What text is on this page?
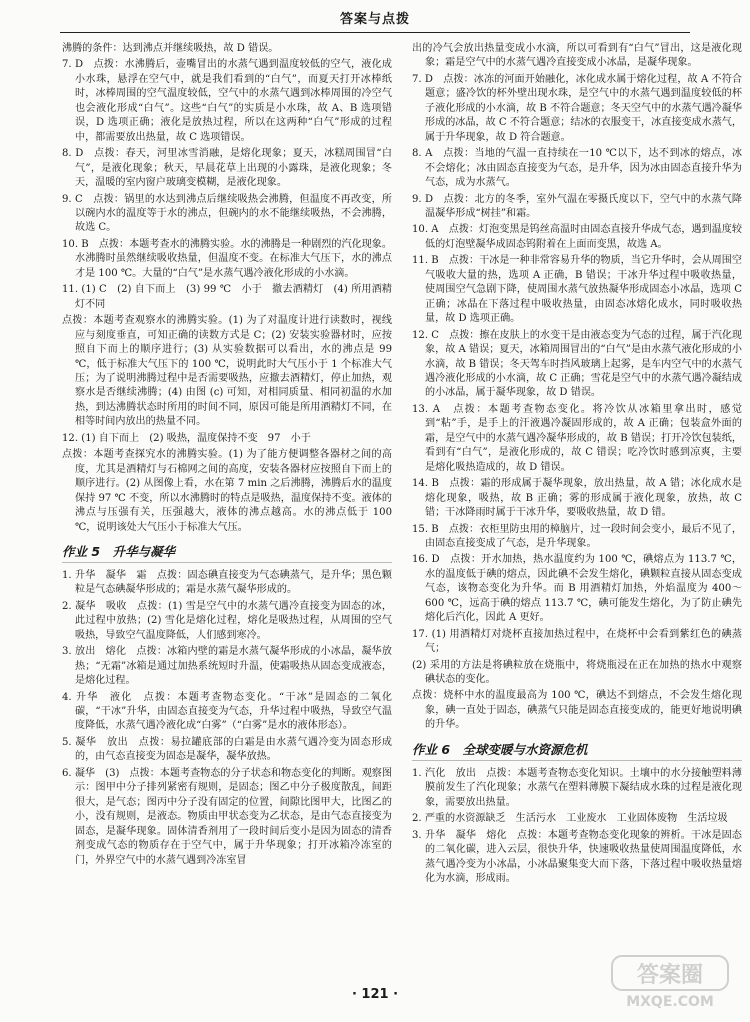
答案与点拨

沸腾的条件：达到沸点并继续吸热，故 D 错误。

7. D　点拨：水沸腾后，壶嘴冒出的水蒸气遇到温度较低的空气，液化成小水珠，悬浮在空气中，就是我们看到的“白气”，而夏天打开冰棒纸时，冰棒周围的空气温度较低，空气中的水蒸气遇到冰棒周围的冷空气也会液化形成“白气”。这些“白气”的实质是小水珠，故 A、B 选项错误，D 选项正确；液化是放热过程，所以在这两种“白气”形成的过程中，都需要放出热量，故 C 选项错误。

8. D　点拨：春天，河里冰雪消融，是熔化现象；夏天，冰糕周围冒“白气”，是液化现象；秋天，早晨花草上出现的小露珠，是液化现象；冬天，温暖的室内窗户玻璃变模糊，是液化现象。

9. C　点拨：锅里的水达到沸点后继续吸热会沸腾，但温度不再改变，所以碗内水的温度等于水的沸点，但碗内的水不能继续吸热，不会沸腾，故选 C。

10. B　点拨：本题考查水的沸腾实验。水的沸腾是一种剧烈的汽化现象。水沸腾时虽然继续吸收热量，但温度不变。在标准大气压下，水的沸点才是 100 ℃。大量的“白气”是水蒸气遇冷液化形成的小水滴。

11. (1) C　(2) 自下而上　(3) 99 ℃　小于　撤去酒精灯　(4) 所用酒精灯不同

点拨：本题考查观察水的沸腾实验。(1) 为了对温度计进行读数时，视线应与刻度垂直，可知正确的读数方式是 C；(2) 安装实验器材时，应按照自下而上的顺序进行；(3) 从实验数据可以看出，水的沸点是 99 ℃，低于标准大气压下的 100 ℃，说明此时大气压小于 1 个标准大气压；为了说明沸腾过程中是否需要吸热，应撤去酒精灯，停止加热，观察水是否继续沸腾；(4) 由图 (c) 可知，对相同质量、相同初温的水加热，到达沸腾状态时所用的时间不同，原因可能是所用酒精灯不同，在相等时间内放出的热量不同。

12. (1) 自下而上　(2) 吸热，温度保持不变　97　小于

点拨：本题考查探究水的沸腾实验。(1) 为了能方便调整各器材之间的高度，尤其是酒精灯与石棉网之间的高度，安装各器材应按照自下而上的顺序进行。(2) 从图像上看，水在第 7 min 之后沸腾，沸腾后水的温度保持 97 ℃ 不变，所以水沸腾时的特点是吸热，温度保持不变。液体的沸点与压强有关，压强越大，液体的沸点越高。水的沸点低于 100 ℃，说明该处大气压小于标准大气压。

作业 5　升华与凝华

1. 升华　凝华　霜　点拨：固态碘直接变为气态碘蒸气，是升华；黑色颗粒是气态碘凝华形成的；霜是水蒸气凝华形成的。

2. 凝华　吸收　点拨：(1) 雪是空气中的水蒸气遇冷直接变为固态的冰，此过程中放热；(2) 雪化是熔化过程，熔化是吸热过程，从周围的空气吸热，导致空气温度降低，人们感到寒冷。

3. 放出　熔化　点拨：冰箱内壁的霜是水蒸气凝华形成的小冰晶，凝华放热；“无霜”冰箱是通过加热系统短时升温，使霜吸热从固态变成液态，是熔化过程。

4. 升华　液化　点拨：本题考查物态变化。“干冰”是固态的二氧化碳，“干冰”升华，由固态直接变为气态，升华过程中吸热，导致空气温度降低，水蒸气遇冷液化成“白雾”（“白雾”是水的液体形态）。

5. 凝华　放出　点拨：易拉罐底部的白霜是由水蒸气遇冷变为固态形成的，由气态直接变为固态是凝华，凝华放热。

6. 凝华　(3)　点拨：本题考查物态的分子状态和物态变化的判断。观察图示：图甲中分子排列紧密有规则，是固态；图乙中分子极度散乱，间距很大，是气态；图丙中分子没有固定的位置，间隙比图甲大，比图乙的小，没有规则，是液态。物质由甲状态变为乙状态，是由气态直接变为固态，是凝华现象。固体清香剂用了一段时间后变小是因为固态的清香剂变成气态的物质存在于空气中，属于升华现象；打开冰箱冷冻室的门，外界空气中的水蒸气遇到冷冻室冒

出的冷气会放出热量变成小水滴，所以可看到有“白气”冒出，这是液化现象；霜是空气中的水蒸气遇冷直接变成小冰晶，是凝华现象。

7. D　点拨：冰冻的河面开始融化，冰化成水属于熔化过程，故 A 不符合题意；盛冷饮的杯外壁出现水珠，是空气中的水蒸气遇到温度较低的杯子液化形成的小水滴，故 B 不符合题意；冬天空气中的水蒸气遇冷凝华形成的冰晶，故 C 不符合题意；结冰的衣服变干，冰直接变成水蒸气，属于升华现象，故 D 符合题意。

8. A　点拨：当地的气温一直持续在一10 ℃以下，达不到冰的熔点，冰不会熔化；冰由固态直接变为气态，是升华，因为冰由固态直接升华为气态，成为水蒸气。

9. D　点拨：北方的冬季，室外气温在零摄氏度以下，空气中的水蒸气降温凝华形成“树挂”和霜。

10. A　点拨：灯泡变黑是钨丝高温时由固态直接升华成气态，遇到温度较低的灯泡壁凝华成固态钨附着在上面而变黑，故选 A。

11. B　点拨：干冰是一种非常容易升华的物质，当它升华时，会从周围空气吸收大量的热，选项 A 正确，B 错误；干冰升华过程中吸收热量，使周围空气急剧下降，使周围水蒸气放热凝华形成固态小冰晶，选项 C 正确；冰晶在下落过程中吸收热量，由固态冰熔化成水，同时吸收热量，故 D 选项正确。

12. C　点拨：擦在皮肤上的水变干是由液态变为气态的过程，属于汽化现象，故 A 错误；夏天，冰箱周围冒出的“白气”是由水蒸气液化形成的小水滴，故 B 错误；冬天驾车时挡风玻璃上起雾，是车内空气中的水蒸气遇冷液化形成的小水滴，故 C 正确；雪花是空气中的水蒸气遇冷凝结成的小冰晶，属于凝华现象，故 D 错误。

13. A　点拨：本题考查物态变化。将冷饮从冰箱里拿出时，感觉到“粘”手，是手上的汗液遇冷凝固形成的，故 A 正确；包装盒外面的霜，是空气中的水蒸气遇冷凝华形成的，故 B 错误；打开冷饮包装纸，看到有“白气”，是液化形成的，故 C 错误；吃冷饮时感到凉爽，主要是熔化吸热造成的，故 D 错误。

14. B　点拨：霜的形成属于凝华现象，放出热量，故 A 错；冰化成水是熔化现象，吸热，故 B 正确；雾的形成属于液化现象，放热，故 C 错；干冰降雨时属于干冰升华，要吸收热量，故 D 错。

15. B　点拨：衣柜里防虫用的樟脑片，过一段时间会变小，最后不见了，由固态直接变成了气态，是升华现象。

16. D　点拨：开水加热，热水温度约为 100 ℃，碘熔点为 113.7 ℃，水的温度低于碘的熔点，因此碘不会发生熔化，碘颗粒直接从固态变成气态，该物态变化为升华。而 B 用酒精灯加热，外焰温度为 400～600 ℃，远高于碘的熔点 113.7 ℃，碘可能发生熔化，为了防止碘先熔化后汽化，因此 A 更好。

17. (1) 用酒精灯对烧杯直接加热过程中，在烧杯中会看到紫红色的碘蒸气；

(2) 采用的方法是将碘粒放在烧瓶中，将烧瓶浸在正在加热的热水中观察碘状态的变化。

点拨：烧杯中水的温度最高为 100 ℃，碘达不到熔点，不会发生熔化现象，碘一直处于固态，碘蒸气只能是固态直接变成的，能更好地说明碘的升华。

作业 6　全球变暖与水资源危机

1. 汽化　放出　点拨：本题考查物态变化知识。土壤中的水分接触塑料薄膜前发生了汽化现象；水蒸气在塑料薄膜下凝结成水珠的过程是液化现象，需要放出热量。

2. 严重的水资源缺乏　生活污水　工业废水　工业固体废物　生活垃圾

3. 升华　凝华　熔化　点拨：本题考查物态变化现象的辨析。干冰是固态的二氧化碳，进入云层，很快升华，快速吸收热量使周围温度降低，水蒸气遇冷变为小冰晶，小冰晶聚集变大而下落，下落过程中吸收热量熔化为水滴，形成雨。

· 121 ·
答案圈
MXQE.COM
